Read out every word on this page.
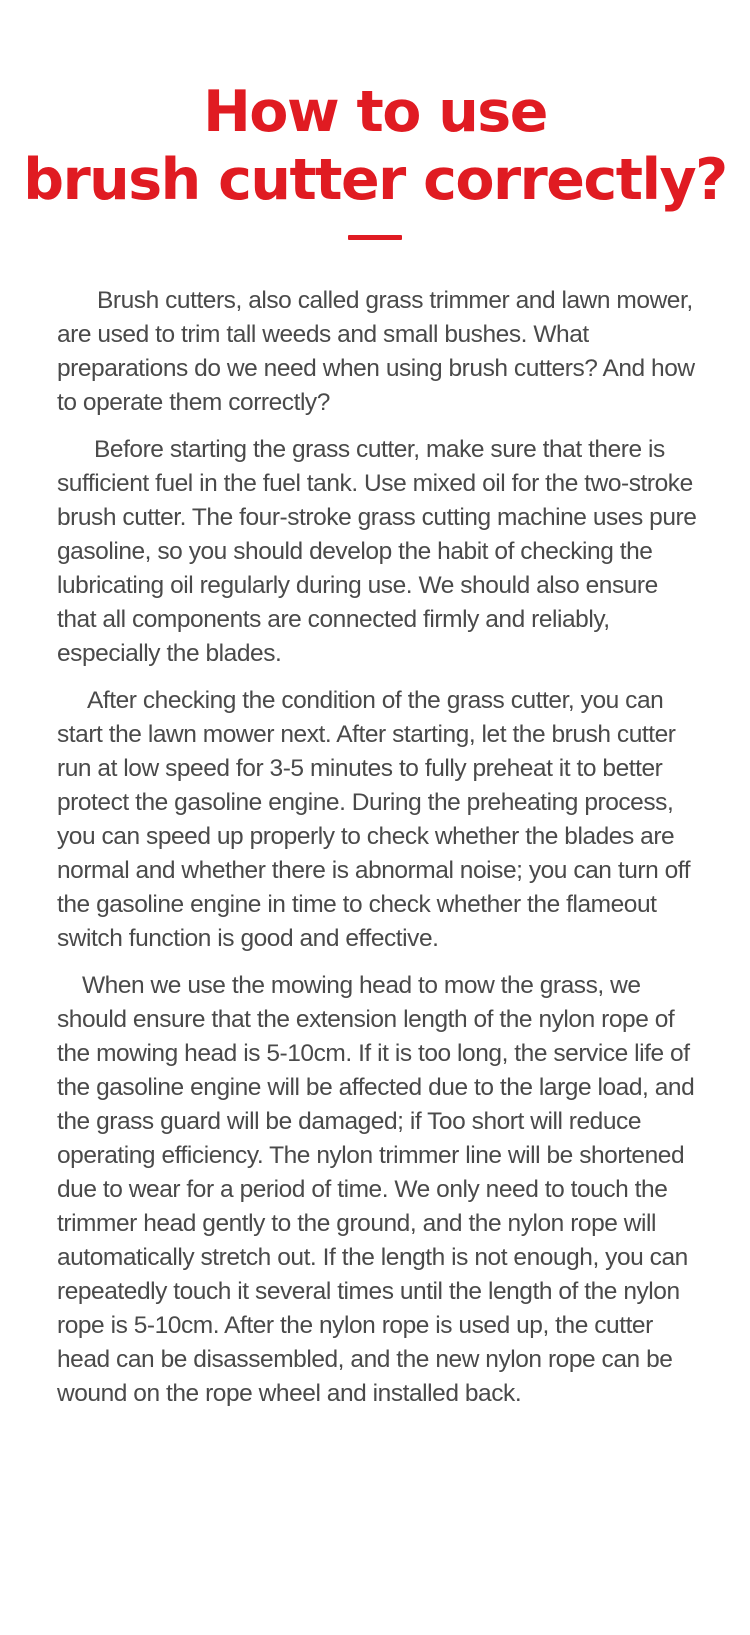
How to use
brush cutter correctly?

Brush cutters, also called grass trimmer and lawn mower, are used to trim tall weeds and small bushes. What preparations do we need when using brush cutters? And how to operate them correctly?

Before starting the grass cutter, make sure that there is sufficient fuel in the fuel tank. Use mixed oil for the two-stroke brush cutter. The four-stroke grass cutting machine uses pure gasoline, so you should develop the habit of checking the lubricating oil regularly during use. We should also ensure that all components are connected firmly and reliably, especially the blades.

After checking the condition of the grass cutter, you can start the lawn mower next. After starting, let the brush cutter run at low speed for 3-5 minutes to fully preheat it to better protect the gasoline engine. During the preheating process, you can speed up properly to check whether the blades are normal and whether there is abnormal noise; you can turn off the gasoline engine in time to check whether the flameout switch function is good and effective.

When we use the mowing head to mow the grass, we should ensure that the extension length of the nylon rope of the mowing head is 5-10cm. If it is too long, the service life of the gasoline engine will be affected due to the large load, and the grass guard will be damaged; if Too short will reduce operating efficiency. The nylon trimmer line will be shortened due to wear for a period of time. We only need to touch the trimmer head gently to the ground, and the nylon rope will automatically stretch out. If the length is not enough, you can repeatedly touch it several times until the length of the nylon rope is 5-10cm. After the nylon rope is used up, the cutter head can be disassembled, and the new nylon rope can be wound on the rope wheel and installed back.
